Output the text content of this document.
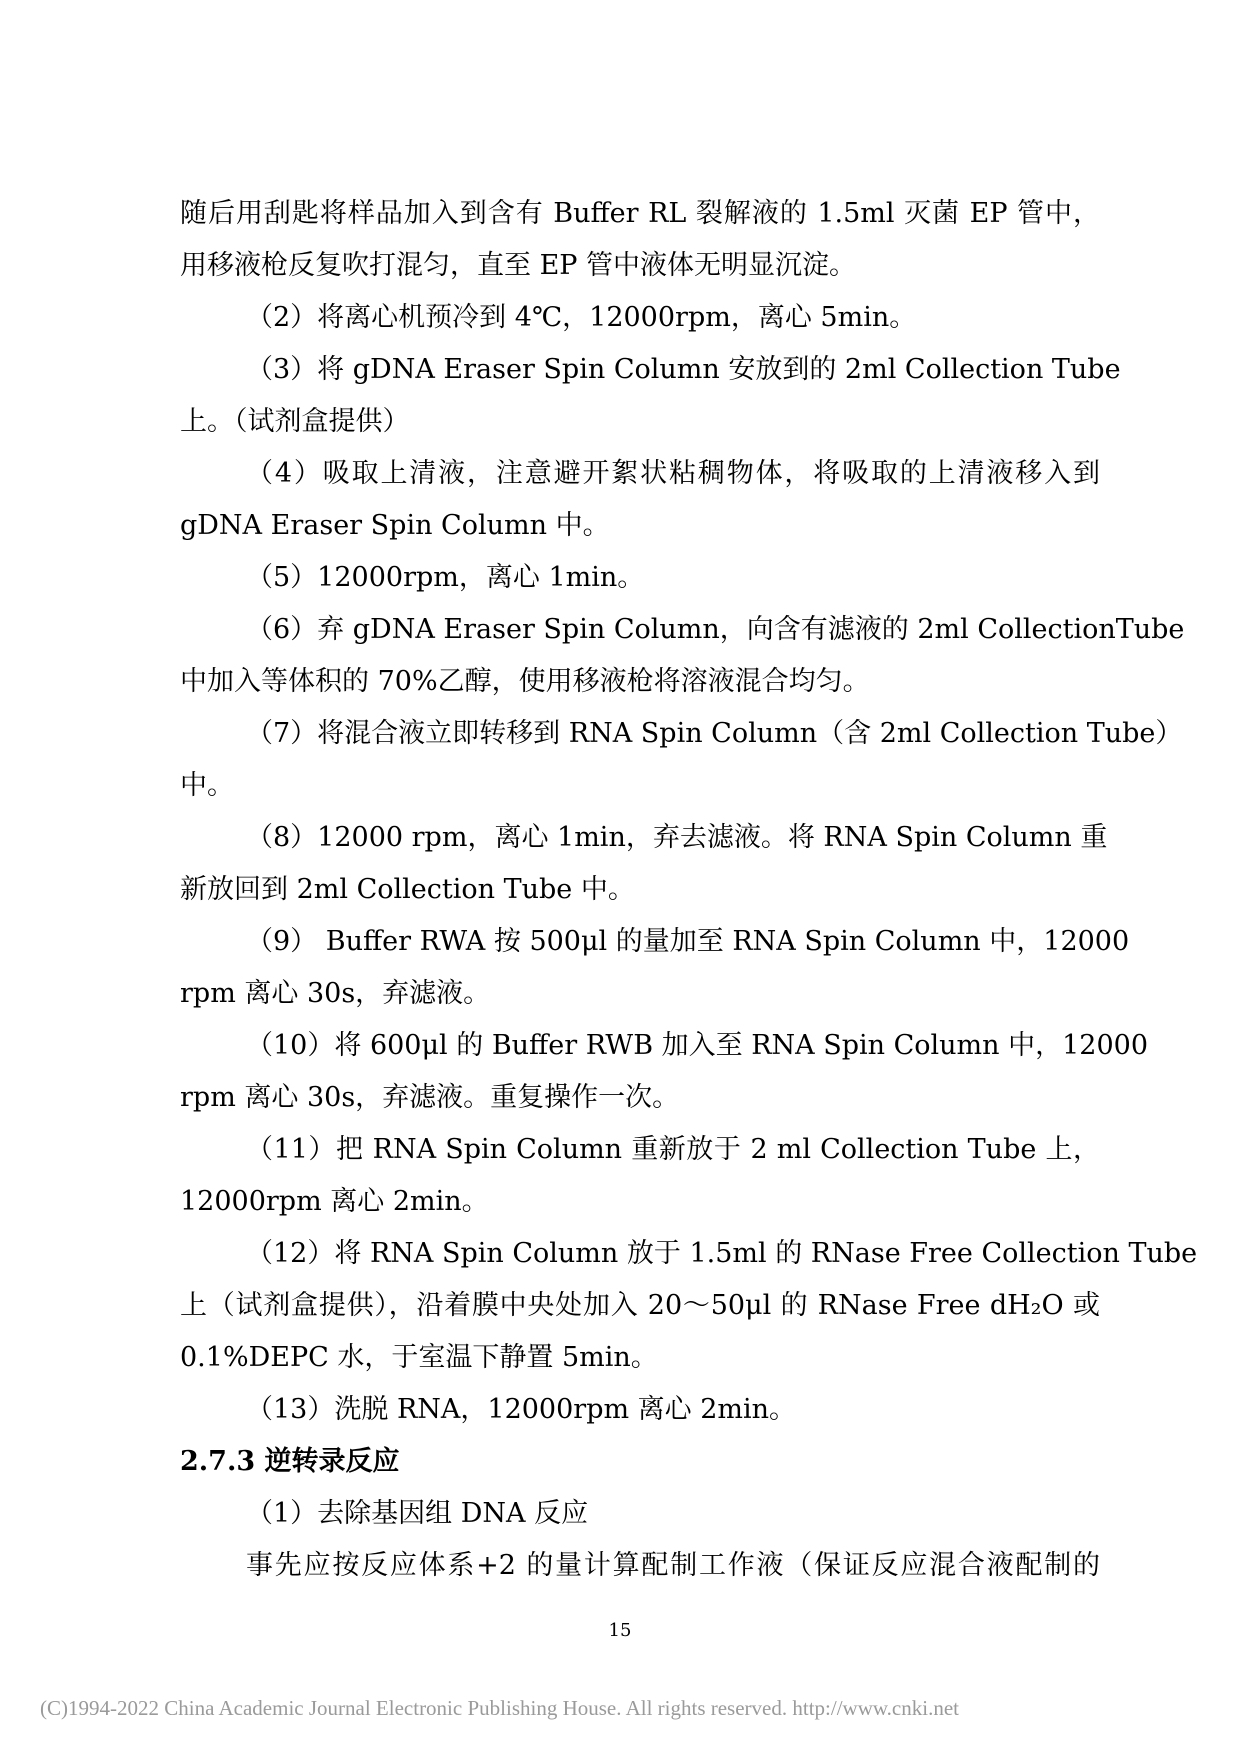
随后用刮匙将样品加入到含有 Buffer RL 裂解液的 1.5ml 灭菌 EP 管中，
用移液枪反复吹打混匀，直至 EP 管中液体无明显沉淀。
（2）将离心机预冷到 4℃，12000rpm，离心 5min。
（3）将 gDNA Eraser Spin Column 安放到的 2ml Collection Tube
上。（试剂盒提供）
（4）吸取上清液，注意避开絮状粘稠物体，将吸取的上清液移入到
gDNA Eraser Spin Column 中。
（5）12000rpm，离心 1min。
（6）弃 gDNA Eraser Spin Column，向含有滤液的 2ml CollectionTube
中加入等体积的 70%乙醇，使用移液枪将溶液混合均匀。
（7）将混合液立即转移到 RNA Spin Column（含 2ml Collection Tube）
中。
（8）12000 rpm，离心 1min，弃去滤液。将 RNA Spin Column 重
新放回到 2ml Collection Tube 中。
（9） Buffer RWA 按 500μl 的量加至 RNA Spin Column 中，12000
rpm 离心 30s，弃滤液。
（10）将 600μl 的 Buffer RWB 加入至 RNA Spin Column 中，12000
rpm 离心 30s，弃滤液。重复操作一次。
（11）把 RNA Spin Column 重新放于 2 ml Collection Tube 上，
12000rpm 离心 2min。
（12）将 RNA Spin Column 放于 1.5ml 的 RNase Free Collection Tube
上（试剂盒提供），沿着膜中央处加入 20～50μl 的 RNase Free dH₂O 或
0.1%DEPC 水，于室温下静置 5min。
（13）洗脱 RNA，12000rpm 离心 2min。
2.7.3 逆转录反应
（1）去除基因组 DNA 反应
事先应按反应体系+2 的量计算配制工作液（保证反应混合液配制的
15
(C)1994-2022 China Academic Journal Electronic Publishing House. All rights reserved. http://www.cnki.net
